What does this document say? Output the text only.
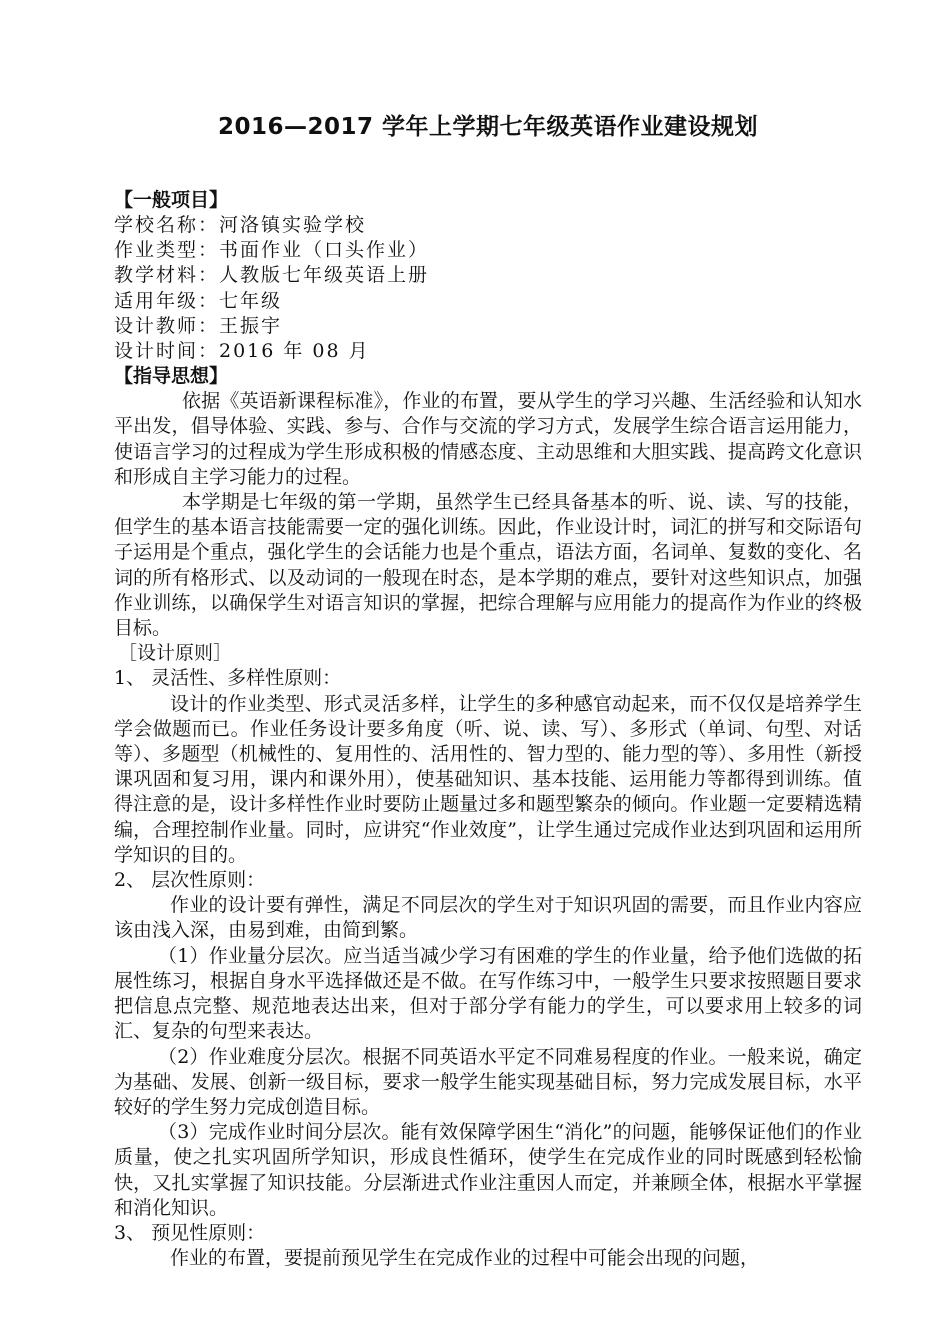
2016—2017 学年上学期七年级英语作业建设规划

【一般项目】

学校名称：河洛镇实验学校

作业类型：书面作业（口头作业）

教学材料：人教版七年级英语上册

适用年级：七年级

设计教师：王振宇

设计时间：2016 年 08 月

【指导思想】

依据《英语新课程标准》，作业的布置，要从学生的学习兴趣、生活经验和认知水平出发，倡导体验、实践、参与、合作与交流的学习方式，发展学生综合语言运用能力，使语言学习的过程成为学生形成积极的情感态度、主动思维和大胆实践、提高跨文化意识和形成自主学习能力的过程。

本学期是七年级的第一学期，虽然学生已经具备基本的听、说、读、写的技能，但学生的基本语言技能需要一定的强化训练。因此，作业设计时，词汇的拼写和交际语句子运用是个重点，强化学生的会话能力也是个重点，语法方面，名词单、复数的变化、名词的所有格形式、以及动词的一般现在时态，是本学期的难点，要针对这些知识点，加强作业训练，以确保学生对语言知识的掌握，把综合理解与应用能力的提高作为作业的终极目标。

［设计原则］

1、 灵活性、多样性原则：

设计的作业类型、形式灵活多样，让学生的多种感官动起来，而不仅仅是培养学生学会做题而已。作业任务设计要多角度（听、说、读、写）、多形式（单词、句型、对话等）、多题型（机械性的、复用性的、活用性的、智力型的、能力型的等）、多用性（新授课巩固和复习用，课内和课外用），使基础知识、基本技能、运用能力等都得到训练。值得注意的是，设计多样性作业时要防止题量过多和题型繁杂的倾向。作业题一定要精选精编，合理控制作业量。同时，应讲究“作业效度”，让学生通过完成作业达到巩固和运用所学知识的目的。

2、 层次性原则：

作业的设计要有弹性，满足不同层次的学生对于知识巩固的需要，而且作业内容应该由浅入深，由易到难，由简到繁。

（1）作业量分层次。应当适当减少学习有困难的学生的作业量，给予他们选做的拓展性练习，根据自身水平选择做还是不做。在写作练习中，一般学生只要求按照题目要求把信息点完整、规范地表达出来，但对于部分学有能力的学生，可以要求用上较多的词汇、复杂的句型来表达。

（2）作业难度分层次。根据不同英语水平定不同难易程度的作业。一般来说，确定为基础、发展、创新一级目标，要求一般学生能实现基础目标，努力完成发展目标，水平较好的学生努力完成创造目标。

（3）完成作业时间分层次。能有效保障学困生“消化”的问题，能够保证他们的作业质量，使之扎实巩固所学知识，形成良性循环，使学生在完成作业的同时既感到轻松愉快，又扎实掌握了知识技能。分层渐进式作业注重因人而定，并兼顾全体，根据水平掌握和消化知识。

3、 预见性原则：

作业的布置，要提前预见学生在完成作业的过程中可能会出现的问题，
